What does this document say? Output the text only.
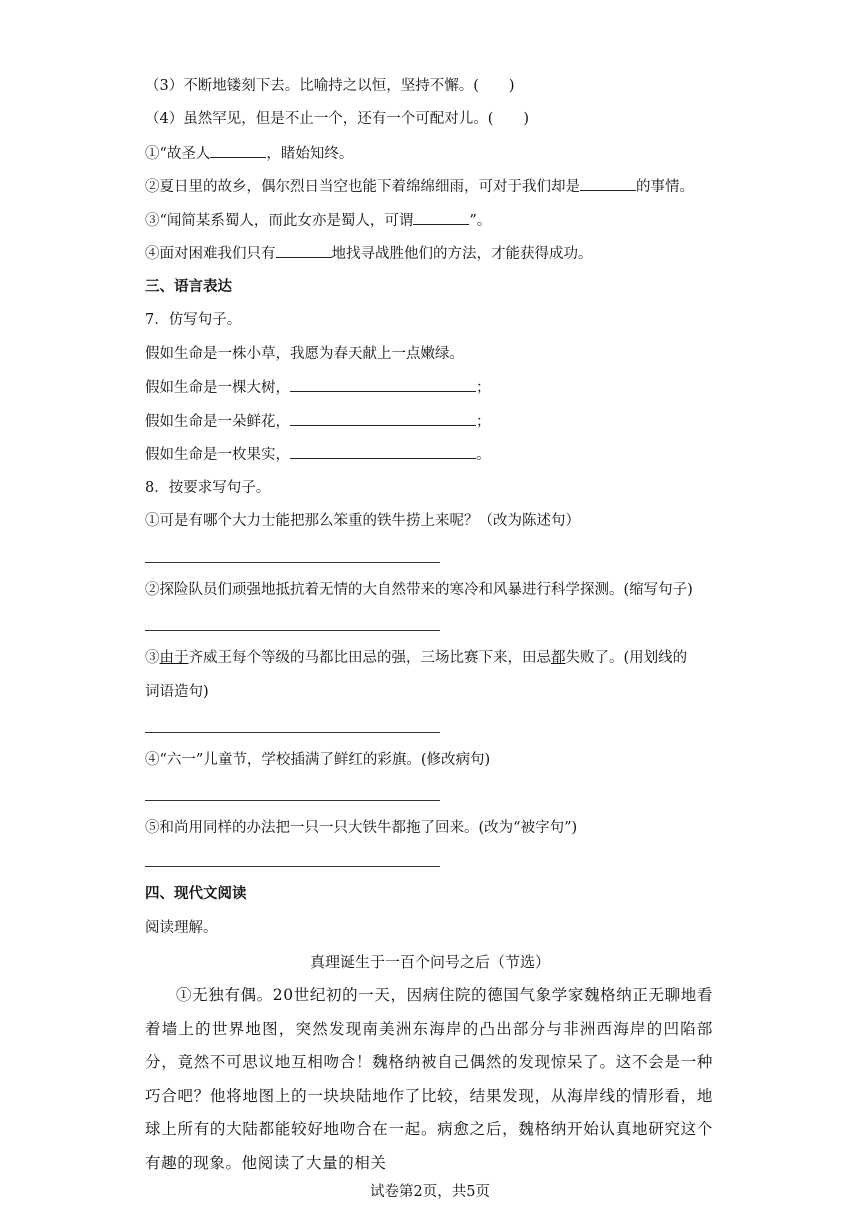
（3）不断地镂刻下去。比喻持之以恒，坚持不懈。( )
（4）虽然罕见，但是不止一个，还有一个可配对儿。( )
①“故圣人	，睹始知终。
②夏日里的故乡，偶尔烈日当空也能下着绵绵细雨，可对于我们却是	的事情。
③“闻简某系蜀人，而此女亦是蜀人，可谓	”。
④面对困难我们只有	地找寻战胜他们的方法，才能获得成功。
三、语言表达
7．仿写句子。
假如生命是一株小草，我愿为春天献上一点嫩绿。
假如生命是一棵大树，	；
假如生命是一朵鲜花，	；
假如生命是一枚果实，	。
8．按要求写句子。
①可是有哪个大力士能把那么笨重的铁牛捞上来呢？（改为陈述句）
②探险队员们顽强地抵抗着无情的大自然带来的寒冷和风暴进行科学探测。(缩写句子)
③由于齐威王每个等级的马都比田忌的强，三场比赛下来，田忌都失败了。(用划线的
词语造句)
④“六一”儿童节，学校插满了鲜红的彩旗。(修改病句)
⑤和尚用同样的办法把一只一只大铁牛都拖了回来。(改为“被字句”)
四、现代文阅读
阅读理解。
真理诞生于一百个问号之后（节选）
①无独有偶。20世纪初的一天，因病住院的德国气象学家魏格纳正无聊地看着墙上的世界地图，突然发现南美洲东海岸的凸出部分与非洲西海岸的凹陷部分，竟然不可思议地互相吻合！魏格纳被自己偶然的发现惊呆了。这不会是一种巧合吧？他将地图上的一块块陆地作了比较，结果发现，从海岸线的情形看，地球上所有的大陆都能较好地吻合在一起。病愈之后，魏格纳开始认真地研究这个有趣的现象。他阅读了大量的相关
试卷第2页，共5页
